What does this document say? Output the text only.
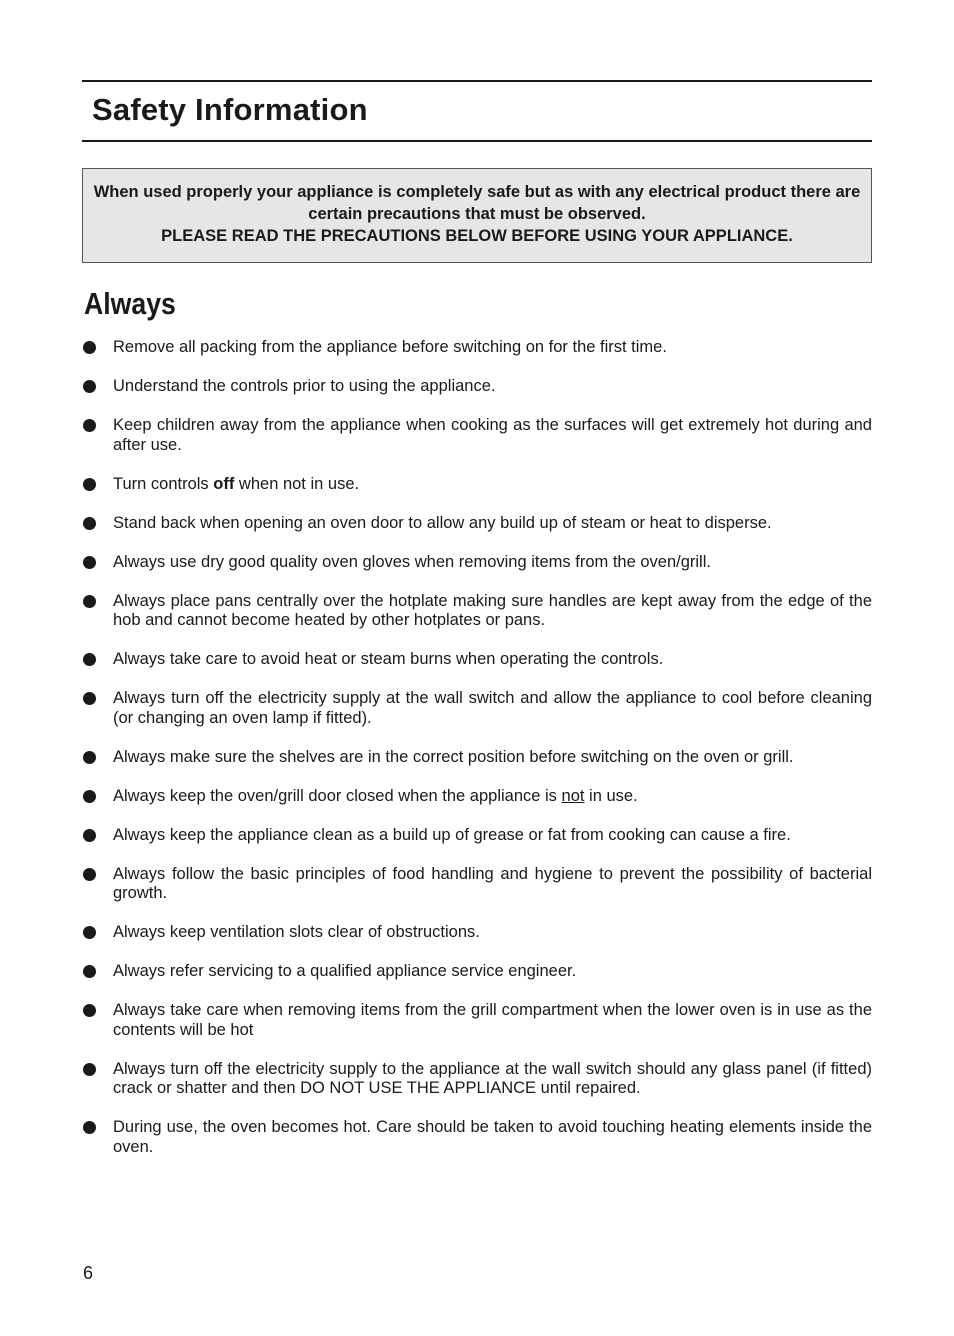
Safety Information

When used properly your appliance is completely safe but as with any electrical product there are certain precautions that must be observed.

PLEASE READ THE PRECAUTIONS BELOW BEFORE USING YOUR APPLIANCE.

Always
Remove all packing from the appliance before switching on for the first time.
Understand the controls prior to using the appliance.
Keep children away from the appliance when cooking as the surfaces will get extremely hot during and after use.
Turn controls off when not in use.
Stand back when opening an oven door to allow any build up of steam or heat to disperse.
Always use dry good quality oven gloves when removing items from the oven/grill.
Always place pans centrally over the hotplate making sure handles are kept away from the edge of the hob and cannot become heated by other hotplates or pans.
Always take care to avoid heat or steam burns when operating the controls.
Always turn off the electricity supply at the wall switch and allow the appliance to cool before cleaning (or changing an oven lamp if fitted).
Always make sure the shelves are in the correct position before switching on the oven or grill.
Always keep the oven/grill door closed when the appliance is not in use.
Always keep the appliance clean as a build up of grease or fat from cooking can cause a fire.
Always follow the basic principles of food handling and hygiene to prevent the possibility of bacterial growth.
Always keep ventilation slots clear of obstructions.
Always refer servicing to a qualified appliance service engineer.
Always take care when removing items from the grill compartment when the lower oven is in use as the contents will be hot
Always turn off the electricity supply to the appliance at the wall switch should any glass panel (if fitted) crack or shatter and then DO NOT USE THE APPLIANCE until repaired.
During use, the oven becomes hot. Care should be taken to avoid touching heating elements inside the oven.
6
